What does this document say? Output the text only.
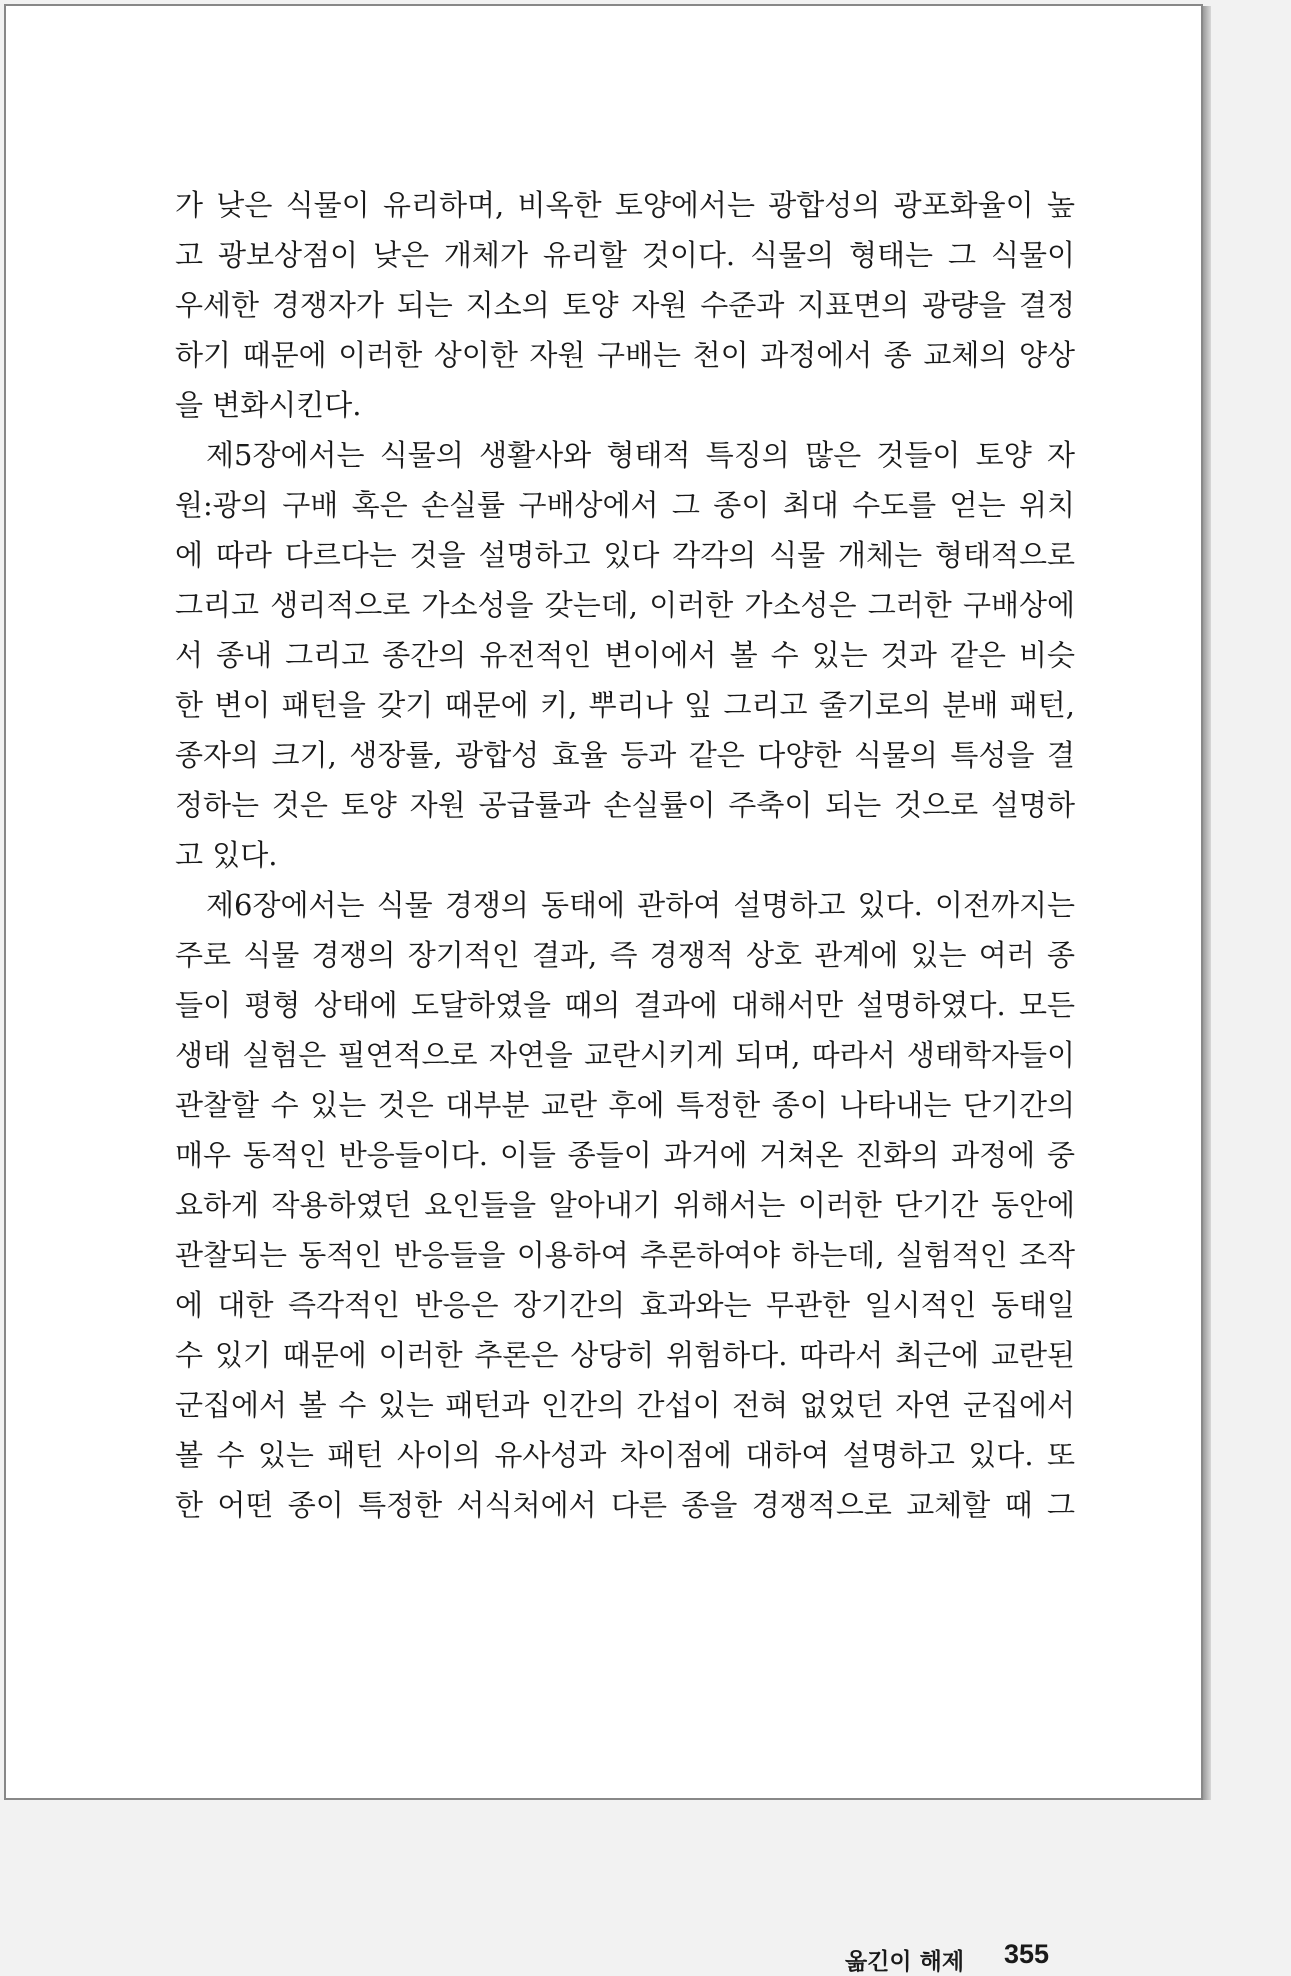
가 낮은 식물이 유리하며, 비옥한 토양에서는 광합성의 광포화율이 높
고 광보상점이 낮은 개체가 유리할 것이다. 식물의 형태는 그 식물이
우세한 경쟁자가 되는 지소의 토양 자원 수준과 지표면의 광량을 결정
하기 때문에 이러한 상이한 자원 구배는 천이 과정에서 종 교체의 양상
을 변화시킨다.
제5장에서는 식물의 생활사와 형태적 특징의 많은 것들이 토양 자
원:광의 구배 혹은 손실률 구배상에서 그 종이 최대 수도를 얻는 위치
에 따라 다르다는 것을 설명하고 있다 각각의 식물 개체는 형태적으로
그리고 생리적으로 가소성을 갖는데, 이러한 가소성은 그러한 구배상에
서 종내 그리고 종간의 유전적인 변이에서 볼 수 있는 것과 같은 비슷
한 변이 패턴을 갖기 때문에 키, 뿌리나 잎 그리고 줄기로의 분배 패턴,
종자의 크기, 생장률, 광합성 효율 등과 같은 다양한 식물의 특성을 결
정하는 것은 토양 자원 공급률과 손실률이 주축이 되는 것으로 설명하
고 있다.
제6장에서는 식물 경쟁의 동태에 관하여 설명하고 있다. 이전까지는
주로 식물 경쟁의 장기적인 결과, 즉 경쟁적 상호 관계에 있는 여러 종
들이 평형 상태에 도달하였을 때의 결과에 대해서만 설명하였다. 모든
생태 실험은 필연적으로 자연을 교란시키게 되며, 따라서 생태학자들이
관찰할 수 있는 것은 대부분 교란 후에 특정한 종이 나타내는 단기간의
매우 동적인 반응들이다. 이들 종들이 과거에 거쳐온 진화의 과정에 중
요하게 작용하였던 요인들을 알아내기 위해서는 이러한 단기간 동안에
관찰되는 동적인 반응들을 이용하여 추론하여야 하는데, 실험적인 조작
에 대한 즉각적인 반응은 장기간의 효과와는 무관한 일시적인 동태일
수 있기 때문에 이러한 추론은 상당히 위험하다. 따라서 최근에 교란된
군집에서 볼 수 있는 패턴과 인간의 간섭이 전혀 없었던 자연 군집에서
볼 수 있는 패턴 사이의 유사성과 차이점에 대하여 설명하고 있다. 또
한 어떤 종이 특정한 서식처에서 다른 종을 경쟁적으로 교체할 때 그
옮긴이 해제 355
